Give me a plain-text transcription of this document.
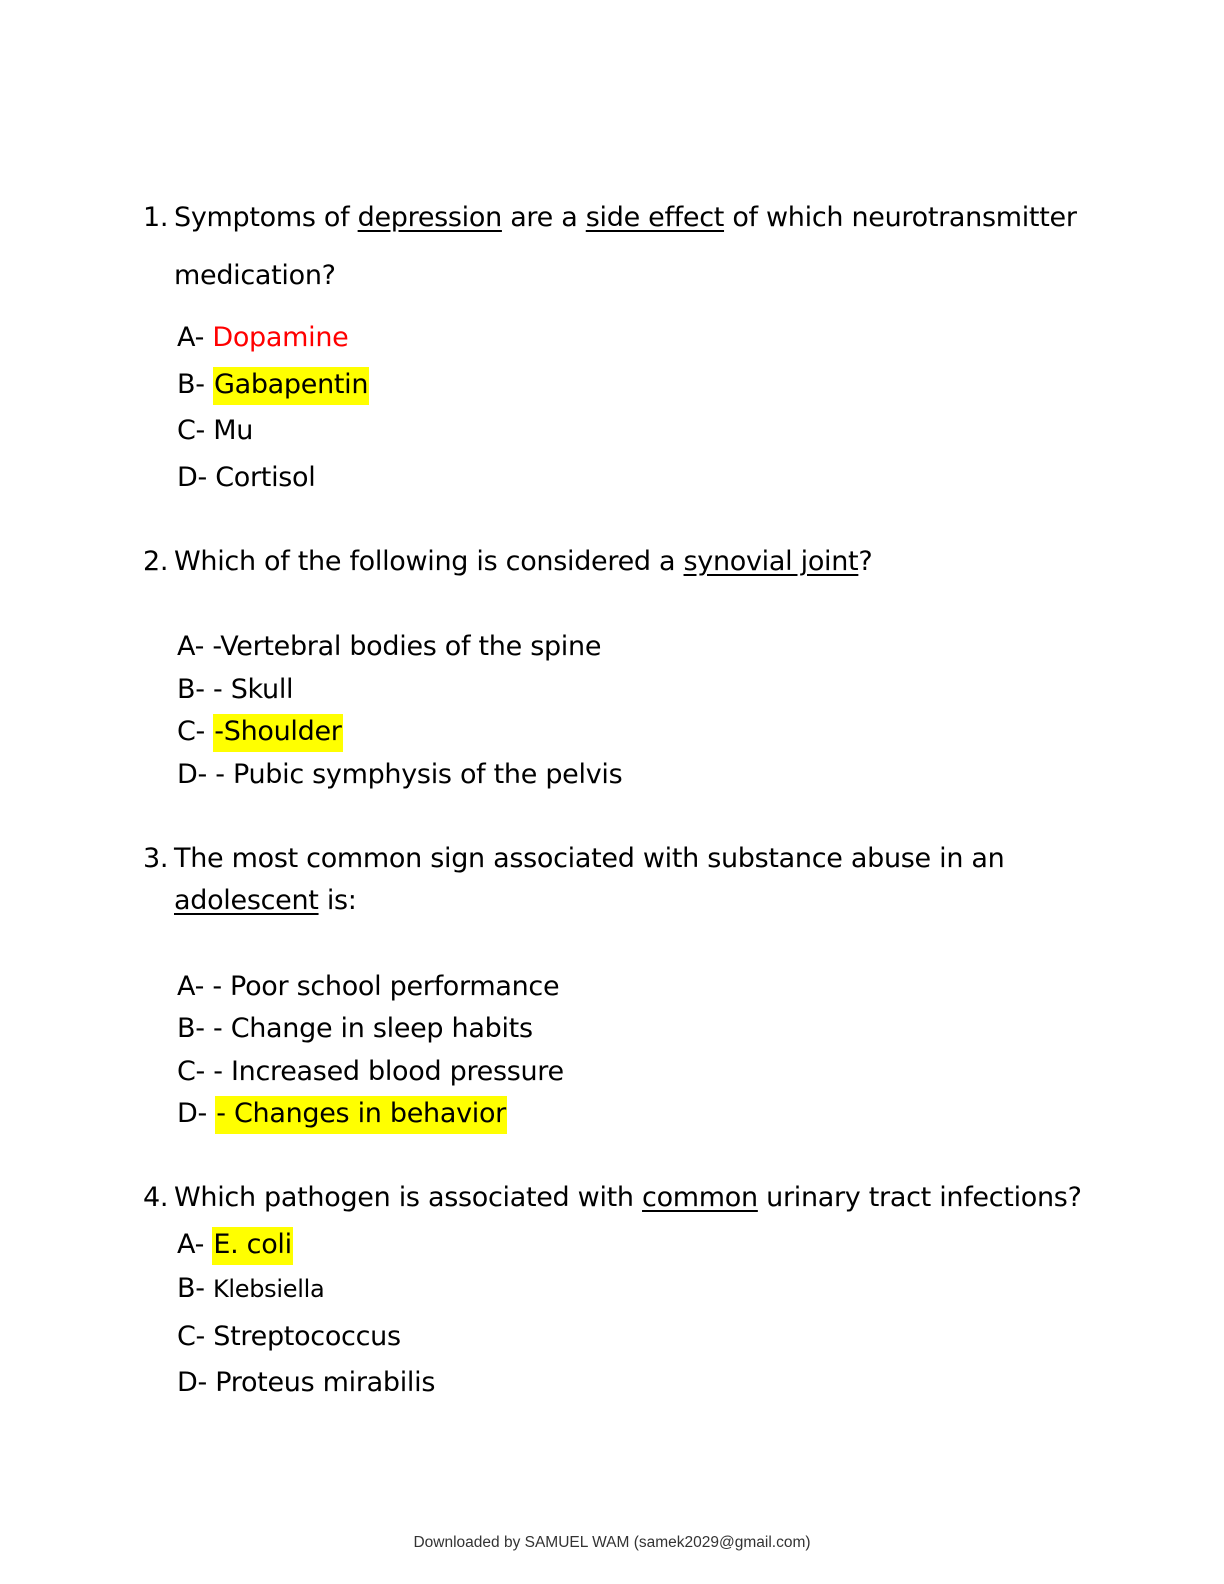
1. Symptoms of depression are a side effect of which neurotransmitter
medication?
A- Dopamine
B- Gabapentin
C- Mu
D- Cortisol
2. Which of the following is considered a synovial joint?
A- -Vertebral bodies of the spine
B- - Skull
C- -Shoulder
D- - Pubic symphysis of the pelvis
3. The most common sign associated with substance abuse in an
adolescent is:
A- - Poor school performance
B- - Change in sleep habits
C- - Increased blood pressure
D- - Changes in behavior
4. Which pathogen is associated with common urinary tract infections?
A- E. coli
B- Klebsiella
C- Streptococcus
D- Proteus mirabilis
Downloaded by SAMUEL WAM (samek2029@gmail.com)
